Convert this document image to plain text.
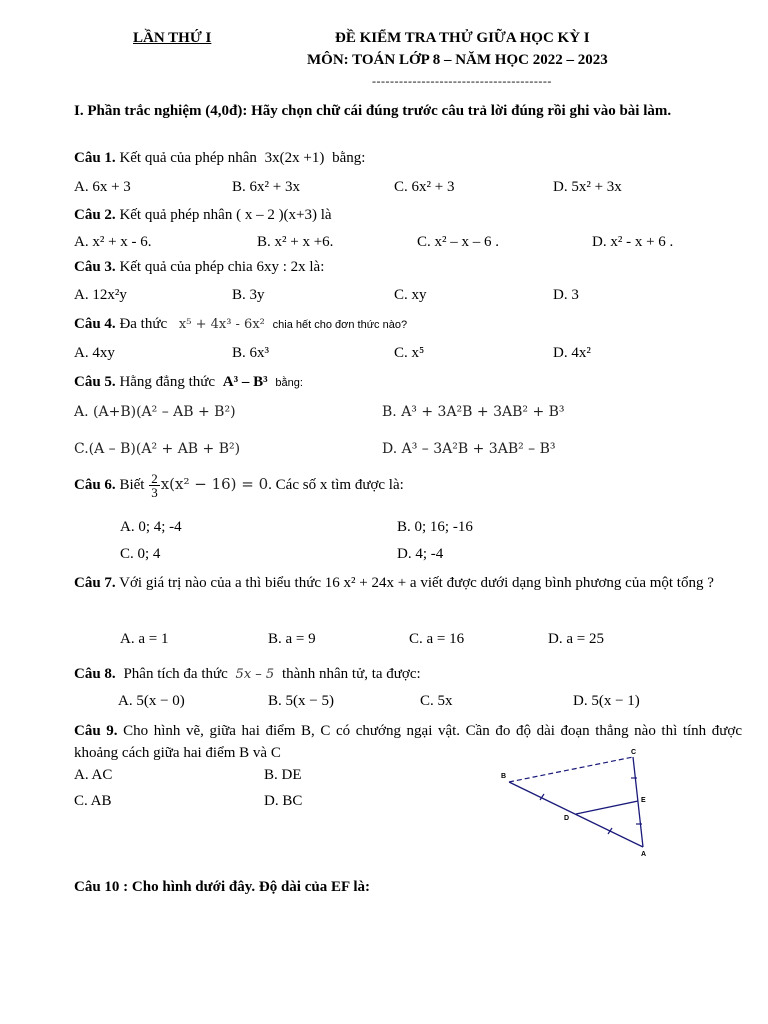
LẦN THỨ I	ĐỀ KIỂM TRA THỬ GIỮA HỌC KỲ I
MÔN: TOÁN LỚP 8 – NĂM HỌC 2022 – 2023
----------------------------------------
I. Phần trắc nghiệm (4,0đ): Hãy chọn chữ cái đúng trước câu trả lời đúng rồi ghi vào bài làm.
Câu 1. Kết quả của phép nhân 3x(2x +1) bằng:
A. 6x + 3	B. 6x² + 3x	C. 6x² + 3	D. 5x² + 3x
Câu 2. Kết quả phép nhân ( x – 2 )(x+3) là
A. x² + x - 6.	B. x² + x +6.	C. x² – x – 6 .	D. x² - x + 6 .
Câu 3. Kết quả của phép chia 6xy : 2x là:
A. 12x²y	B. 3y	C. xy	D. 3
Câu 4. Đa thức x⁵ + 4x³ - 6x² chia hết cho đơn thức nào?
A. 4xy	B. 6x³	C. x⁵	D. 4x²
Câu 5. Hằng đẳng thức A³ – B³ bằng:
A. (A+B)(A² – AB + B²)	B. A³ + 3A²B + 3AB² + B³
C.(A – B)(A² + AB + B²)	D. A³ – 3A²B + 3AB² – B³
Câu 6. Biết $\frac{2}{3} x(x^2 - 16) = 0$. Các số x tìm được là:
A. 0; 4; -4	B. 0; 16; -16
C. 0; 4	D. 4; -4
Câu 7. Với giá trị nào của a thì biểu thức 16 x² + 24x + a viết được dưới dạng bình phương của một tổng ?
A. a = 1	B. a = 9	C. a = 16	D. a = 25
Câu 8. Phân tích đa thức 5x – 5 thành nhân tử, ta được:
A. 5(x − 0)	B. 5(x − 5)	C. 5x	D. 5(x − 1)
Câu 9. Cho hình vẽ, giữa hai điểm B, C có chướng ngại vật. Cần đo độ dài đoạn thẳng nào thì tính được khoảng cách giữa hai điểm B và C
A. AC	B. DE
C. AB	D. BC
B
C
E
D
A
Câu 10 : Cho hình dưới đây. Độ dài của EF là:
